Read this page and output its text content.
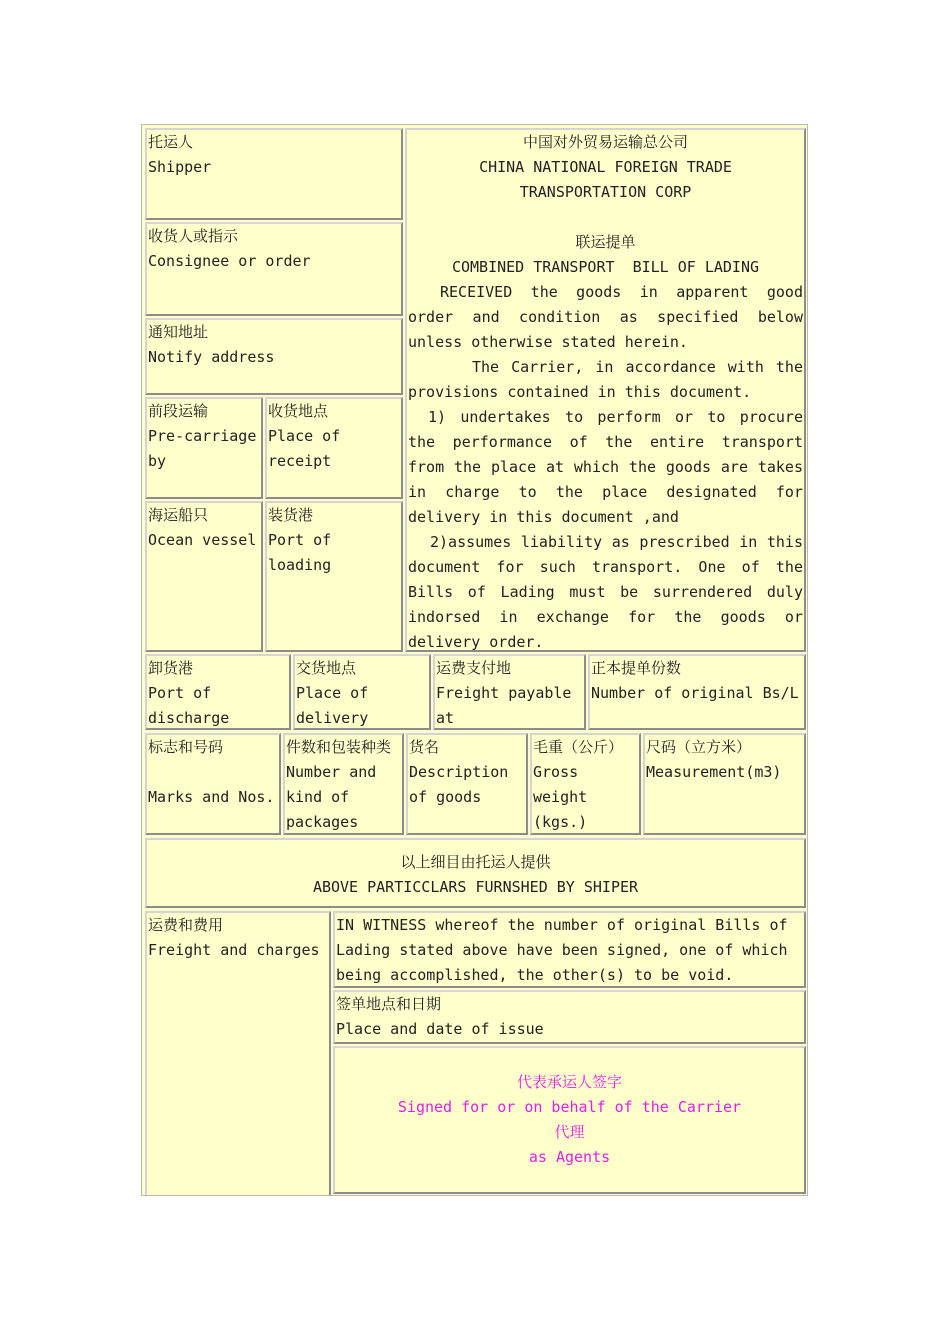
托运人

Shipper

收货人或指示

Consignee or order

通知地址

Notify address

前段运输

Pre-carriage by

收货地点

Place of receipt

海运船只

Ocean vessel

装货港

Port of loading

中国对外贸易运输总公司

CHINA NATIONAL FOREIGN TRADE TRANSPORTATION CORP

联运提单

COMBINED TRANSPORT  BILL OF LADING

RECEIVED the goods in apparent good order and condition as specified below unless otherwise stated herein.

The Carrier, in accordance with the provisions contained in this document.

1) undertakes to perform or to procure the performance of the entire transport from the place at which the goods are takes in charge to the place designated for delivery in this document ,and

2)assumes liability as prescribed in this document for such transport. One of the Bills of Lading must be surrendered duly indorsed in exchange for the goods or delivery order.

卸货港

Port of discharge

交货地点

Place of delivery

运费支付地

Freight payable at

正本提单份数

Number of original Bs/L

标志和号码

Marks and Nos.

件数和包装种类

Number and kind of packages

货名

Description of goods

毛重（公斤）

Gross weight (kgs.)

尺码（立方米）

Measurement(m3)

以上细目由托运人提供

ABOVE PARTICCLARS FURNSHED BY SHIPER

运费和费用

Freight and charges

IN WITNESS whereof the number of original Bills of Lading stated above have been signed, one of which being accomplished, the other(s) to be void.

签单地点和日期

Place and date of issue

代表承运人签字

Signed for or on behalf of the Carrier

代理

as Agents
